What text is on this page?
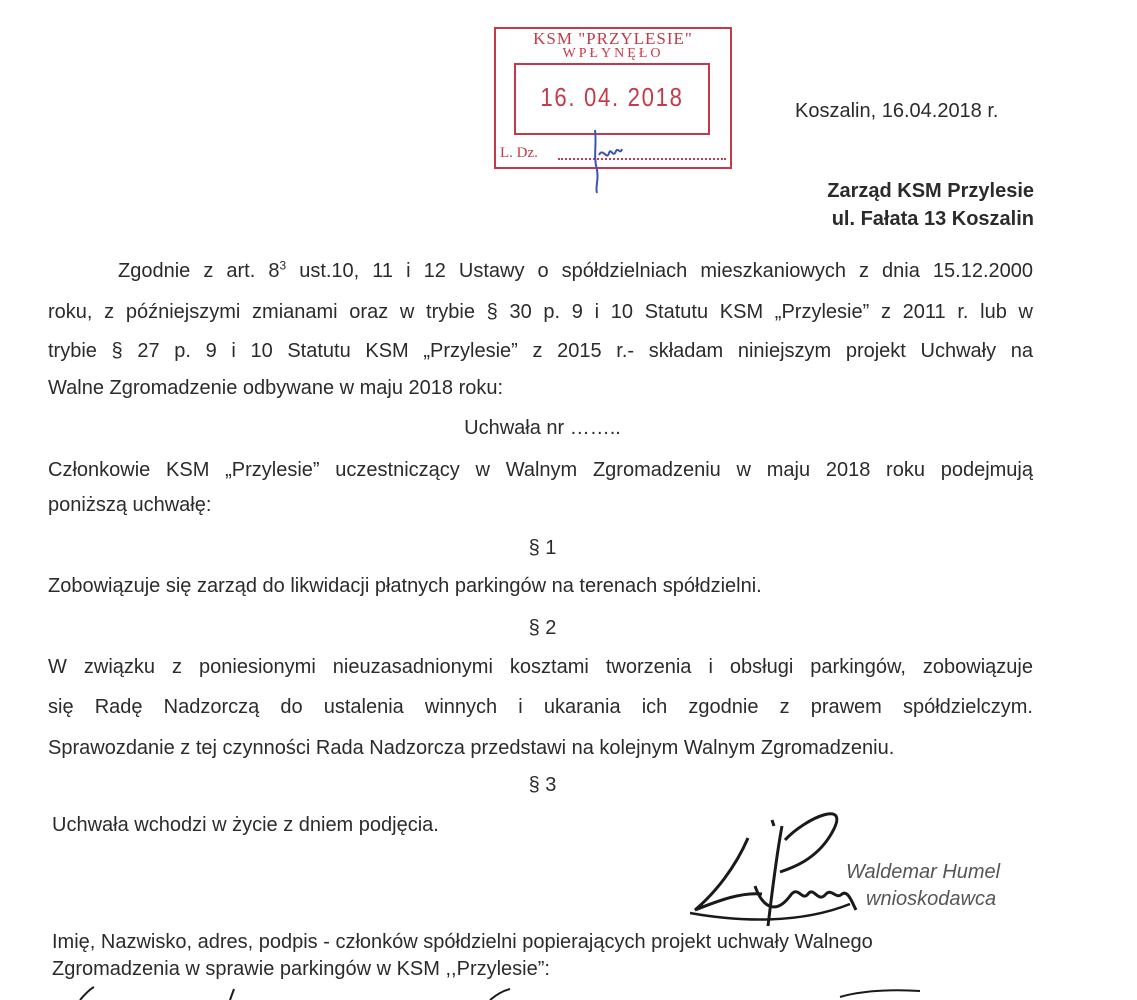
KSM "PRZYLESIE"
WPŁYNĘŁO
16. 04. 2018
L. Dz.
Koszalin, 16.04.2018 r.
Zarząd KSM Przylesie
ul. Fałata 13 Koszalin
Zgodnie z art. $8^3$ ust.10, 11 i 12 Ustawy o spółdzielniach mieszkaniowych z dnia 15.12.2000
roku, z późniejszymi zmianami oraz w trybie § 30 p. 9 i 10 Statutu KSM „Przylesie” z 2011 r. lub w
trybie § 27 p. 9 i 10 Statutu KSM „Przylesie” z 2015 r.- składam niniejszym projekt Uchwały na
Walne Zgromadzenie odbywane w maju 2018 roku:
Uchwała nr ……..
Członkowie KSM „Przylesie” uczestniczący w Walnym Zgromadzeniu w maju 2018 roku podejmują
poniższą uchwałę:
§ 1
Zobowiązuje się zarząd do likwidacji płatnych parkingów na terenach spółdzielni.
§ 2
W związku z poniesionymi nieuzasadnionymi kosztami tworzenia i obsługi parkingów, zobowiązuje
się Radę Nadzorczą do ustalenia winnych i ukarania ich zgodnie z prawem spółdzielczym.
Sprawozdanie z tej czynności Rada Nadzorcza przedstawi na kolejnym Walnym Zgromadzeniu.
§ 3
Uchwała wchodzi w życie z dniem podjęcia.
Waldemar Humel
wnioskodawca
Imię, Nazwisko, adres, podpis - członków spółdzielni popierających projekt uchwały Walnego
Zgromadzenia w sprawie parkingów w KSM ,,Przylesie”:
